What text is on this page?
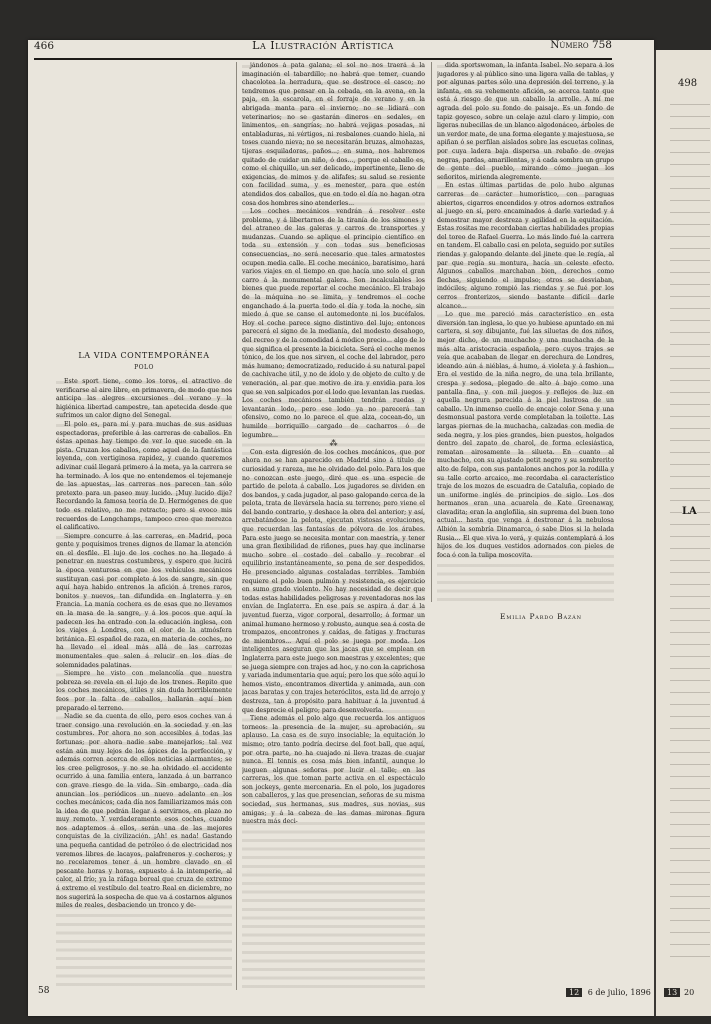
498
LA
466	La Ilustración Artística	Número 758
LA VIDA CONTEMPORÁNEA
POLO

Este sport tiene, como los toros, el atractivo de verificarse al aire libre, en primavera, de modo que nos anticipa las alegres excursiones del verano y la higiénica libertad campestre, tan apetecida desde que sufrimos un calor digno del Senegal.

El polo es, para mí y para muchas de sus asiduas espectadoras, preferible á las carreras de caballos. En éstas apenas hay tiempo de ver lo que sucede en la pista. Cruzan los caballos, como aquel de la fantástica leyenda, con vertiginosa rapidez, y cuando queremos adivinar cuál llegará primero á la meta, ya la carrera se ha terminado. Á los que no entendemos el tejemaneje de las apuestas, las carreras nos parecen tan sólo pretexto para un paseo muy lucido. ¡Muy lucido dije? Recordando la famosa teoría de D. Hermógenes de que todo es relativo, no me retracto; pero si evoco mis recuerdos de Longchamps, tampoco creo que merezca el calificativo.

Siempre concurre á las carreras, en Madrid, poca gente y poquísimos trenes dignos de llamar la atención en el desfile. El lujo de los coches no ha llegado á penetrar en nuestras costumbres, y espero que lucirá la época venturosa en que los vehículos mecánicos sustituyan casi por completo á los de sangre, sin que aquí haya habido entrenos la afición á trenes raros, bonitos y nuevos, tan difundida en Inglaterra y en Francia. La manía cochera es de esas que no llevamos en la masa de la sangre, y á los pocos que aquí la padecen les ha entrado con la educación inglesa, con los viajes á Londres, con el olor de la atmósfera británica. El español de raza, en materia de coches, no ha llevado el ideal más allá de las carrozas monumentales que salen á relucir en los días de solemnidades palatinas.

Siempre he visto con melancolía que nuestra pobreza se revela en el lujo de los trenes. Repito que los coches mecánicos, útiles y sin duda horriblemente feos por la falta de caballos, hallarán aquí bien preparado el terreno.

Nadie se da cuenta de ello, pero esos coches van á traer consigo una revolución en la sociedad y en las costumbres. Por ahora no son accesibles á todas las fortunas; por ahora nadie sabe manejarlos; tal vez están aún muy lejos de los ápices de la perfección, y además corren acerca de ellos noticias alarmantes; se les cree peligrosos, y no se ha olvidado el accidente ocurrido á una familia entera, lanzada á un barranco con grave riesgo de la vida. Sin embargo, cada día anuncian los periódicos un nuevo adelanto en los coches mecánicos; cada día nos familiarizamos más con la idea de que podrán llegar á servirnos, en plazo no muy remoto. Y verdaderamente esos coches, cuando nos adaptemos á ellos, serán una de las mejores conquistas de la civilización. ¡Ah! es nada! Gastando una pequeña cantidad de petróleo ó de electricidad nos veremos libres de lacayos, palafreneros y cocheros; y no recelaremos tener á un hombre clavado en el pescante horas y horas, expuesto á la intemperie, al calor, al frío; ya la ráfaga boreal que cruza de extremo á extremo el vestíbulo del teatro Real en diciembre, no nos sugerirá la sospecha de que va á costarnos algunos miles de reales, desbaciendo un tronco y de-

jándonos á pata galana; el sol no nos traerá á la imaginación el tabardillo; no habrá que temer, cuando chacolotea la herradura, que se destroce el casco; no tendremos que pensar en la cebada, en la avena, en la paja, en la escarola, en el forraje de verano y en la abrigada manta para el invierno; no se lidiará con veterinarios; no se gastarán dineros en sedales, en linimentos, en sangrías; no habrá vejigas posadas, ni entabladuras, ni vértigos, ni resbalones cuando hiela, ni toses cuando nieva; no se necesitarán bruzas, almohazas, tijeras esquiladoras, paños...; en suma, nos habremos quitado de cuidar un niño, ó dos..., porque el caballo es, como el chiquillo, un ser delicado, impertinente, lleno de exigencias, de mimos y de alifafes; su salud se resiente con facilidad suma, y es menester, para que estén atendidos dos caballos, que en todo el día no hagan otra cosa dos hombres sino atenderles...

Los coches mecánicos vendrán á resolver este problema, y á libertarnos de la tiranía de los simones y del atraneo de las galeras y carros de transportes y mudanzas. Cuando se aplique el principio científico en toda su extensión y con todas sus beneficiosas consecuencias, no será necesario que tales armatostes ocupen media calle. El coche mecánico, baratísimo, hará varios viajes en el tiempo en que hacía uno solo el gran carro á la monumental galera. Son incalculables los bienes que puede reportar el coche mecánico. El trabajo de la máquina no se limita, y tendremos el coche enganchado á la puerta todo el día y toda la noche, sin miedo á que se canse el automedonte ni los bucéfalos. Hoy el coche parece signo distintivo del lujo; entonces parecerá el signo de la medianía, del modesto desahogo, del recreo y de la comodidad á módico precio... algo de lo que significa el presente la bicicleta. Será el coche menos tónico, de los que nos sirven, el coche del labrador, pero más humano; democratizado, reducido á su natural papel de cachivache útil, y no de ídolo y de objeto de culto y de veneración, al par que motivo de ira y envidia para los que se ven salpicados por el lodo que levantan las ruedas. Los coches mecánicos también tendrán ruedas y levantarán lodo, pero ese lodo ya no parecerá tan ofensivo, como no lo parece el que alza, cocean-do, un humilde borriquillo cargado de cacharros ó de legumbre...

⁂

Con esta digresión de los coches mecánicos, que por ahora no se han aparecido en Madrid sino á título de curiosidad y rareza, me he olvidado del polo. Para los que no conozcan este juego, diré que es una especie de partido de pelota á caballo. Los jugadores se dividen en dos bandos, y cada jugador, al paso galopando cerca de la pelota, trata de llevársela hacia su terreno; pero viene el del bando contrario, y deshace la obra del anterior; y así, arrebatándose la pelota, ejecutan vistosas evoluciones, que recuerdan las fantasías de pólvora de los árabes. Para este juego se necesita montar con maestría, y tener una gran flexibilidad de riñones, pues hay que inclinarse mucho sobre el costado del caballo y recobrar el equilibrio instantáneamente, so pena de ser despedidos. He presenciado algunas costaladas terribles. También requiere el polo buen pulmón y resistencia, es ejercicio en sumo grado violento. No hay necesidad de decir que todas estas habilidades peligrosas y reventadoras nos las envían de Inglaterra. En ese país se aspira á dar á la juventud fuerza, vigor corporal, desarrollo; á formar un animal humano hermoso y robusto, aunque sea á costa de trompazos, encontrones y caídas, de fatigas y fracturas de miembros... Aquí el polo se juega por moda. Los inteligentes aseguran que las jacas que se emplean en Inglaterra para este juego son maestras y excelentes; que se juega siempre con trajes ad hoc, y no con la caprichosa y variada indumentaria que aquí; pero los que sólo aquí lo hemos visto, encontramos divertida y animada, aun con jacas baratas y con trajes heteróclitos, esta lid de arrojo y destreza, tan á propósito para habituar á la juventud á que desprecie el peligro; para desenvolverla.

Tiene además el polo algo que recuerda los antiguos torneos: la presencia de la mujer, su aprobación, su aplauso. La casa es de suyo insociable; la equitación lo mismo; otro tanto podría decirse del foot ball, que aquí, por otra parte, no ha cuajado ni lleva trazas de cuajar nunca. El tennis es cosa más bien infantil, aunque lo jueguen algunas señoras por lucir el talle; en las carreras, los que toman parte activa en el espectáculo son jockeys, gente mercenaria. En el polo, los jugadores son caballeros, y las que presencian, señoras de su misma sociedad, sus hermanas, sus madres, sus novias, sus amigas; y á la cabeza de las damas mironas figura nuestra más deci-

dida sportswoman, la infanta Isabel. No separa á los jugadores y al público sino una ligera valla de tablas, y por algunas partes sólo una depresión del terreno, y la infanta, en su vehemente afición, se acerca tanto que está á riesgo de que un caballo la arrolle. A mí me agrada del polo su fondo de paisaje. Es un fondo de tapiz goyesco, sobre un celaje azul claro y limpio, con ligeras nubecillas de un blanco algodonáceo, árboles de un verdor mate, de una forma elegante y majestuosa, se apiñan ó se perfilan aislados sobre las escuetas colinas, por cuya ladera baja dispersa un rebaño de ovejas negras, pardas, amarillentas, y á cada sombra un grupo de gente del pueblo, mirando cómo juegan los señoritos, mirienda alegremente.

En estas últimas partidas de polo hubo algunas carreras de carácter humorístico, con paraguas abiertos, cigarros encendidos y otros adornos extraños al juego en sí, pero encaminados á darle variedad y á demostrar mayor destreza y agilidad en la equitación. Estas rositas me recordaban ciertas habilidades propias del toreo de Rafael Guerra. Lo más lindo fué la carrera en tandem. El caballo casi en pelota, seguido por sutiles riendas y galopando delante del jinete que le regía, al par que regía su montura, hacía un celeste efecto. Algunos caballos marchaban bien, derechos como flechas, siguiendo el impulso; otros se desviaban, indóciles; alguno rompió las riendas y se fué por los cerros fronterizos, siendo bastante difícil darle alcance...

Lo que me pareció más característico en esta diversión tan inglesa, lo que yo hubiese apuntado en mi cartera, si soy dibujante, fué las siluetas de dos niños, mejor dicho, de un muchacho y una muchacha de la más alta aristocracia española, pero cuyos trajes se veía que acababan de llegar en derechura de Londres, ideando aún á niéblas, á humo, á violeta y á fashion... Era el vestido de la niña negro, de una tela brillante, crespa y sedosa, plegado de alto á bajo como una pantalla fina, y con mil juegos y reflejos de luz en aquella negrura parecida á la piel lustrosa de un caballo. Un inmenso cuello de encaje color Sena y una desmonsual pastora verde completaban la toilette. Las largas piernas de la muchacha, calzadas con media de seda negra, y los pies grandes, bien puestos, holgados dentro del zapato de charol, de forma eclesiástica, rematan airosamente la silueta. En cuanto al muchacho, con su ajustado petit negro y su sombrerito alto de felpa, con sus pantalones anchos por la rodilla y su talle corto arcaico, me recordaba el característico traje de los mozos de escuadra de Cataluña, copiado de un uniforme inglés de principios de siglo. Los dos hermanos eran una acuarela de Kate Greenaway, clavadita; eran la anglofilia, sin suprema del buen tono actual... hasta que venga á destronar á la nebulosa Albión la sombría Dinamarca, ó sabe Dios si la helada Rusia... El que viva lo verá, y quizás contemplará á los hijos de los duques vestidos adornados con pieles de foca ó con la tulipa moscovita.

Emilia Pardo Bazán
58	12 6 de julio, 1896	13 20
